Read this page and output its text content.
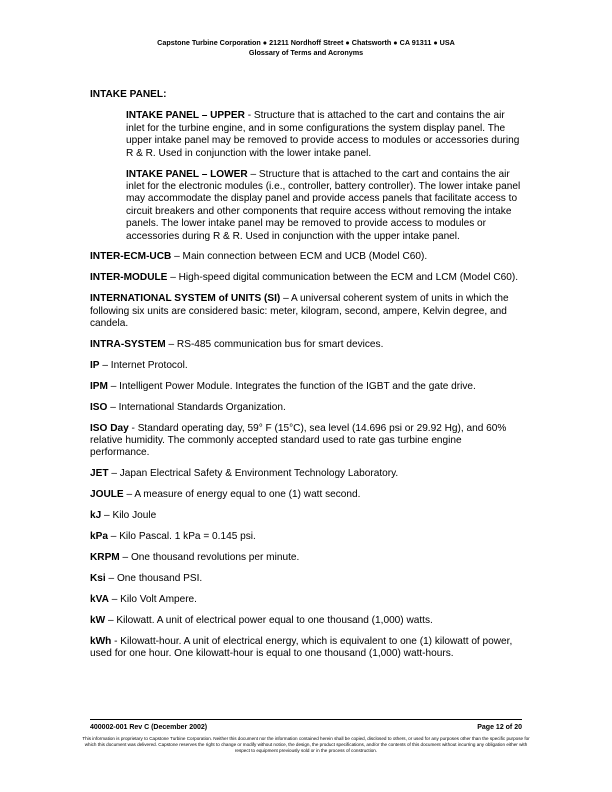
Capstone Turbine Corporation ● 21211 Nordhoff Street ● Chatsworth ● CA 91311 ● USA
Glossary of Terms and Acronyms
INTAKE PANEL:
INTAKE PANEL – UPPER - Structure that is attached to the cart and contains the air inlet for the turbine engine, and in some configurations the system display panel. The upper intake panel may be removed to provide access to modules or accessories during R & R. Used in conjunction with the lower intake panel.
INTAKE PANEL – LOWER – Structure that is attached to the cart and contains the air inlet for the electronic modules (i.e., controller, battery controller). The lower intake panel may accommodate the display panel and provide access panels that facilitate access to circuit breakers and other components that require access without removing the intake panels. The lower intake panel may be removed to provide access to modules or accessories during R & R. Used in conjunction with the upper intake panel.
INTER-ECM-UCB – Main connection between ECM and UCB (Model C60).
INTER-MODULE – High-speed digital communication between the ECM and LCM (Model C60).
INTERNATIONAL SYSTEM of UNITS (SI) – A universal coherent system of units in which the following six units are considered basic: meter, kilogram, second, ampere, Kelvin degree, and candela.
INTRA-SYSTEM – RS-485 communication bus for smart devices.
IP – Internet Protocol.
IPM – Intelligent Power Module. Integrates the function of the IGBT and the gate drive.
ISO – International Standards Organization.
ISO Day - Standard operating day, 59° F (15°C), sea level (14.696 psi or 29.92 Hg), and 60% relative humidity. The commonly accepted standard used to rate gas turbine engine performance.
JET – Japan Electrical Safety & Environment Technology Laboratory.
JOULE – A measure of energy equal to one (1) watt second.
kJ – Kilo Joule
kPa – Kilo Pascal. 1 kPa = 0.145 psi.
KRPM – One thousand revolutions per minute.
Ksi – One thousand PSI.
kVA – Kilo Volt Ampere.
kW – Kilowatt. A unit of electrical power equal to one thousand (1,000) watts.
kWh - Kilowatt-hour. A unit of electrical energy, which is equivalent to one (1) kilowatt of power, used for one hour. One kilowatt-hour is equal to one thousand (1,000) watt-hours.
400002-001 Rev C (December 2002)	Page 12 of 20
This information is proprietary to Capstone Turbine Corporation. Neither this document nor the information contained herein shall be copied, disclosed to others, or used for any purposes other than the specific purpose for which this document was delivered. Capstone reserves the right to change or modify without notice, the design, the product specifications, and/or the contents of this document without incurring any obligation either with respect to equipment previously sold or in the process of construction.
